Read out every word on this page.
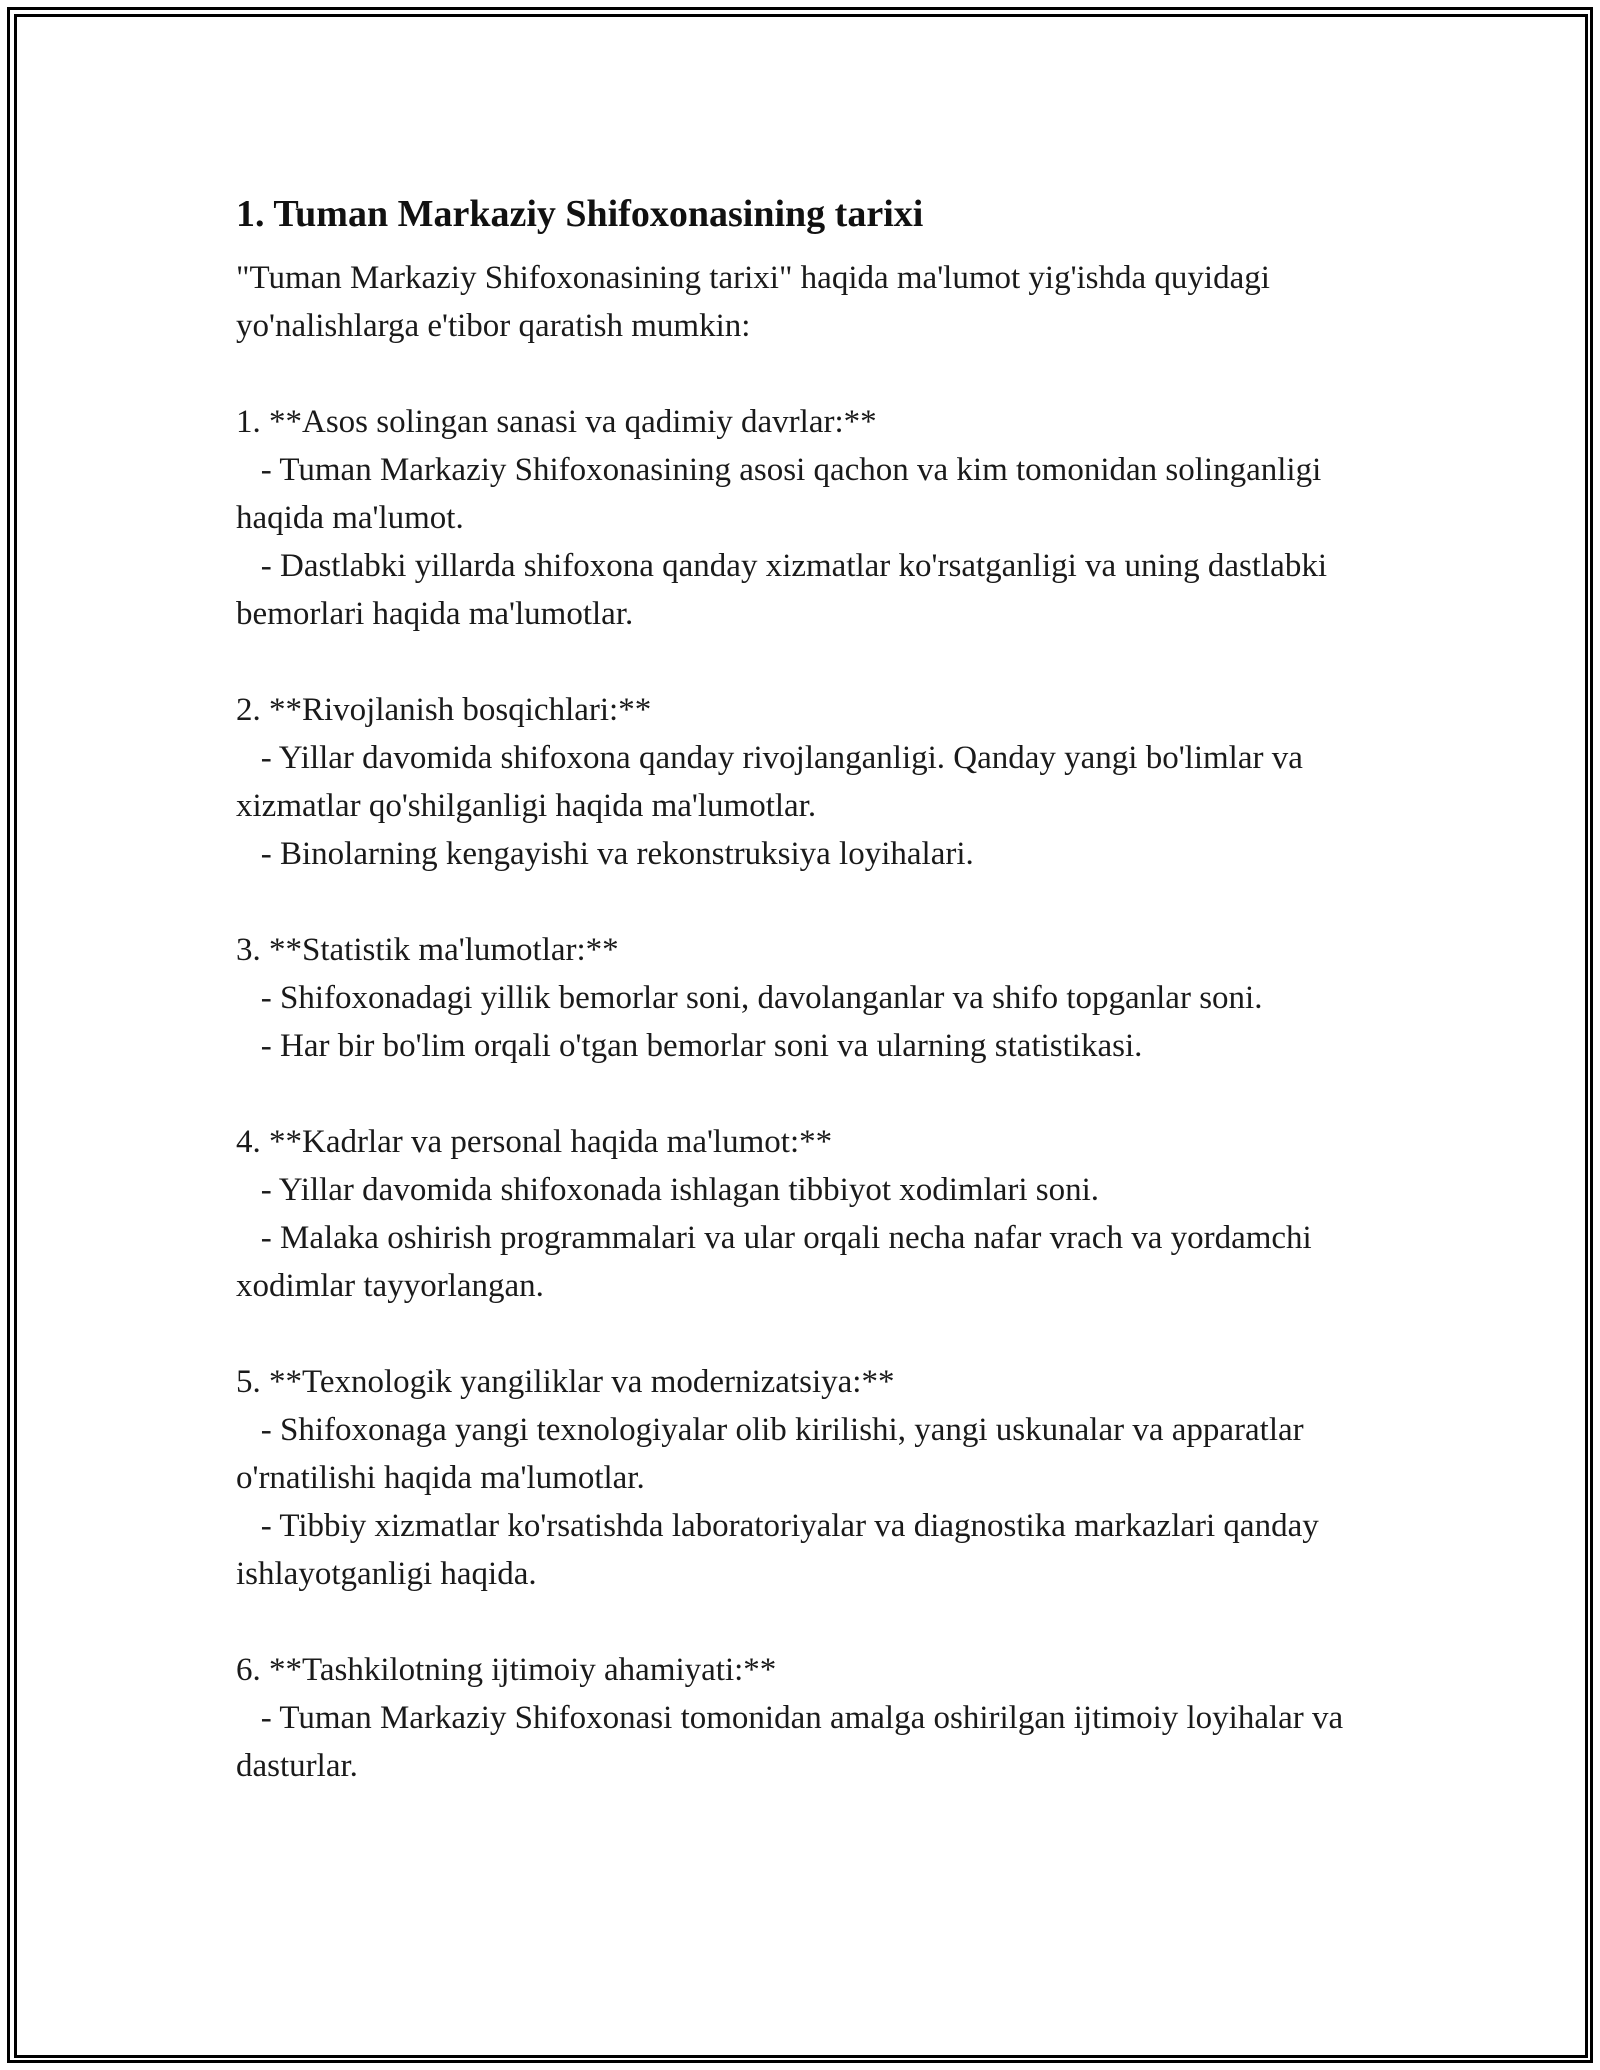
1. Tuman Markaziy Shifoxonasining tarixi

"Tuman Markaziy Shifoxonasining tarixi" haqida ma'lumot yig'ishda quyidagi yo'nalishlarga e'tibor qaratish mumkin:

1. **Asos solingan sanasi va qadimiy davrlar:**

- Tuman Markaziy Shifoxonasining asosi qachon va kim tomonidan solinganligi haqida ma'lumot.

- Dastlabki yillarda shifoxona qanday xizmatlar ko'rsatganligi va uning dastlabki bemorlari haqida ma'lumotlar.

2. **Rivojlanish bosqichlari:**

- Yillar davomida shifoxona qanday rivojlanganligi. Qanday yangi bo'limlar va xizmatlar qo'shilganligi haqida ma'lumotlar.

- Binolarning kengayishi va rekonstruksiya loyihalari.

3. **Statistik ma'lumotlar:**

- Shifoxonadagi yillik bemorlar soni, davolanganlar va shifo topganlar soni.

- Har bir bo'lim orqali o'tgan bemorlar soni va ularning statistikasi.

4. **Kadrlar va personal haqida ma'lumot:**

- Yillar davomida shifoxonada ishlagan tibbiyot xodimlari soni.

- Malaka oshirish programmalari va ular orqali necha nafar vrach va yordamchi xodimlar tayyorlangan.

5. **Texnologik yangiliklar va modernizatsiya:**

- Shifoxonaga yangi texnologiyalar olib kirilishi, yangi uskunalar va apparatlar o'rnatilishi haqida ma'lumotlar.

- Tibbiy xizmatlar ko'rsatishda laboratoriyalar va diagnostika markazlari qanday ishlayotganligi haqida.

6. **Tashkilotning ijtimoiy ahamiyati:**

- Tuman Markaziy Shifoxonasi tomonidan amalga oshirilgan ijtimoiy loyihalar va dasturlar.
